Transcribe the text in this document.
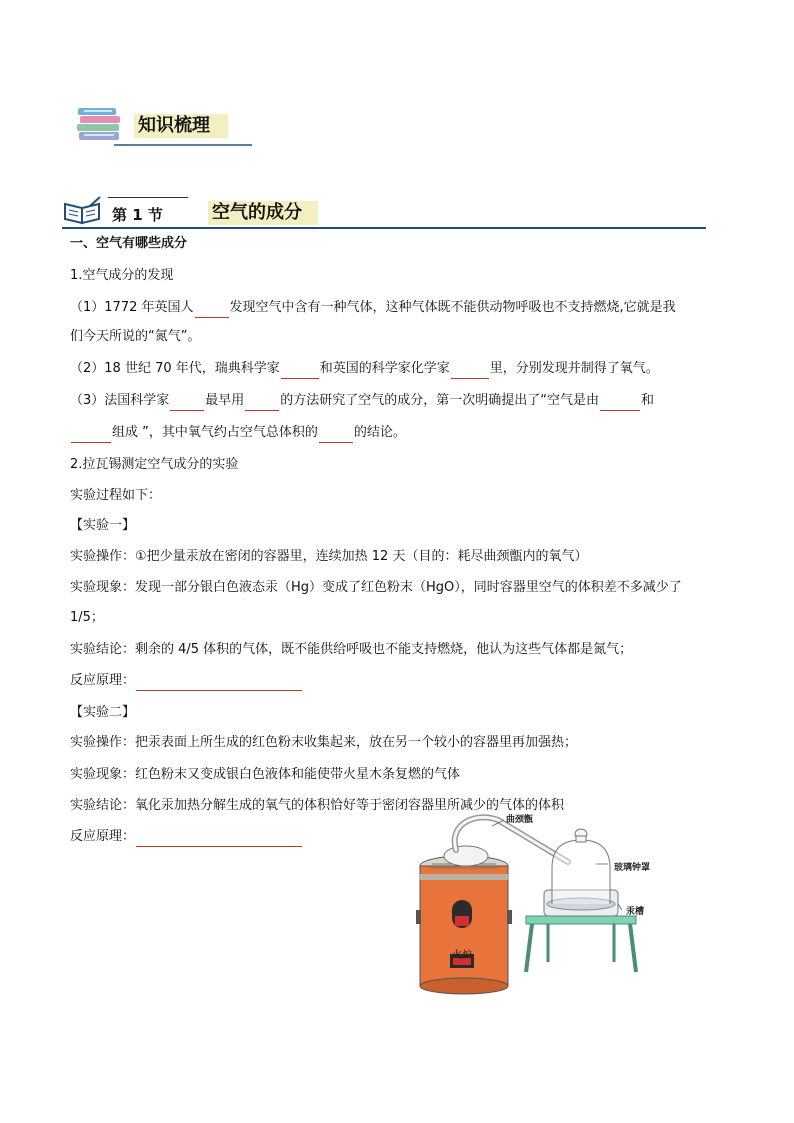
知识梳理
第 1 节	空气的成分
一、空气有哪些成分
1.空气成分的发现
（1）1772 年英国人	发现空气中含有一种气体，这种气体既不能供动物呼吸也不支持燃烧,它就是我
们今天所说的“氮气”。
（2）18 世纪 70 年代，瑞典科学家	和英国的科学家化学家	里，分别发现并制得了氧气。
（3）法国科学家	最早用	的方法研究了空气的成分，第一次明确提出了“空气是由	和
组成 ”，其中氧气约占空气总体积的	的结论。
2.拉瓦锡测定空气成分的实验
实验过程如下：
【实验一】
实验操作：①把少量汞放在密闭的容器里，连续加热 12 天（目的：耗尽曲颈甑内的氧气）
实验现象：发现一部分银白色液态汞（Hg）变成了红色粉末（HgO），同时容器里空气的体积差不多减少了
1/5；
实验结论：剩余的 4/5 体积的气体，既不能供给呼吸也不能支持燃烧，他认为这些气体都是氮气；
反应原理：
【实验二】
实验操作：把汞表面上所生成的红色粉末收集起来，放在另一个较小的容器里再加强热；
实验现象：红色粉末又变成银白色液体和能使带火星木条复燃的气体
实验结论：氧化汞加热分解生成的氧气的体积恰好等于密闭容器里所减少的气体的体积
反应原理：
曲颈甑
玻璃钟罩
汞槽
火炉
